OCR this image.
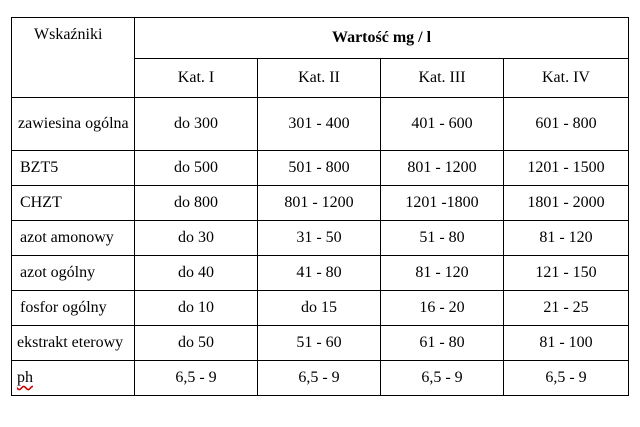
Wskaźniki	Wartość mg / l			
	Kat. I	Kat. II	Kat. III	Kat. IV
zawiesina ogólna	do 300	301 - 400	401 - 600	601 - 800
BZT5	do 500	501 - 800	801 - 1200	1201 - 1500
CHZT	do 800	801 - 1200	1201 -1800	1801 - 2000
azot amonowy	do 30	31 - 50	51 - 80	81 - 120
azot ogólny	do 40	41 - 80	81 - 120	121 - 150
fosfor ogólny	do 10	do 15	16 - 20	21 - 25
ekstrakt eterowy	do 50	51 - 60	61 - 80	81 - 100
ph	6,5 - 9	6,5 - 9	6,5 - 9	6,5 - 9
